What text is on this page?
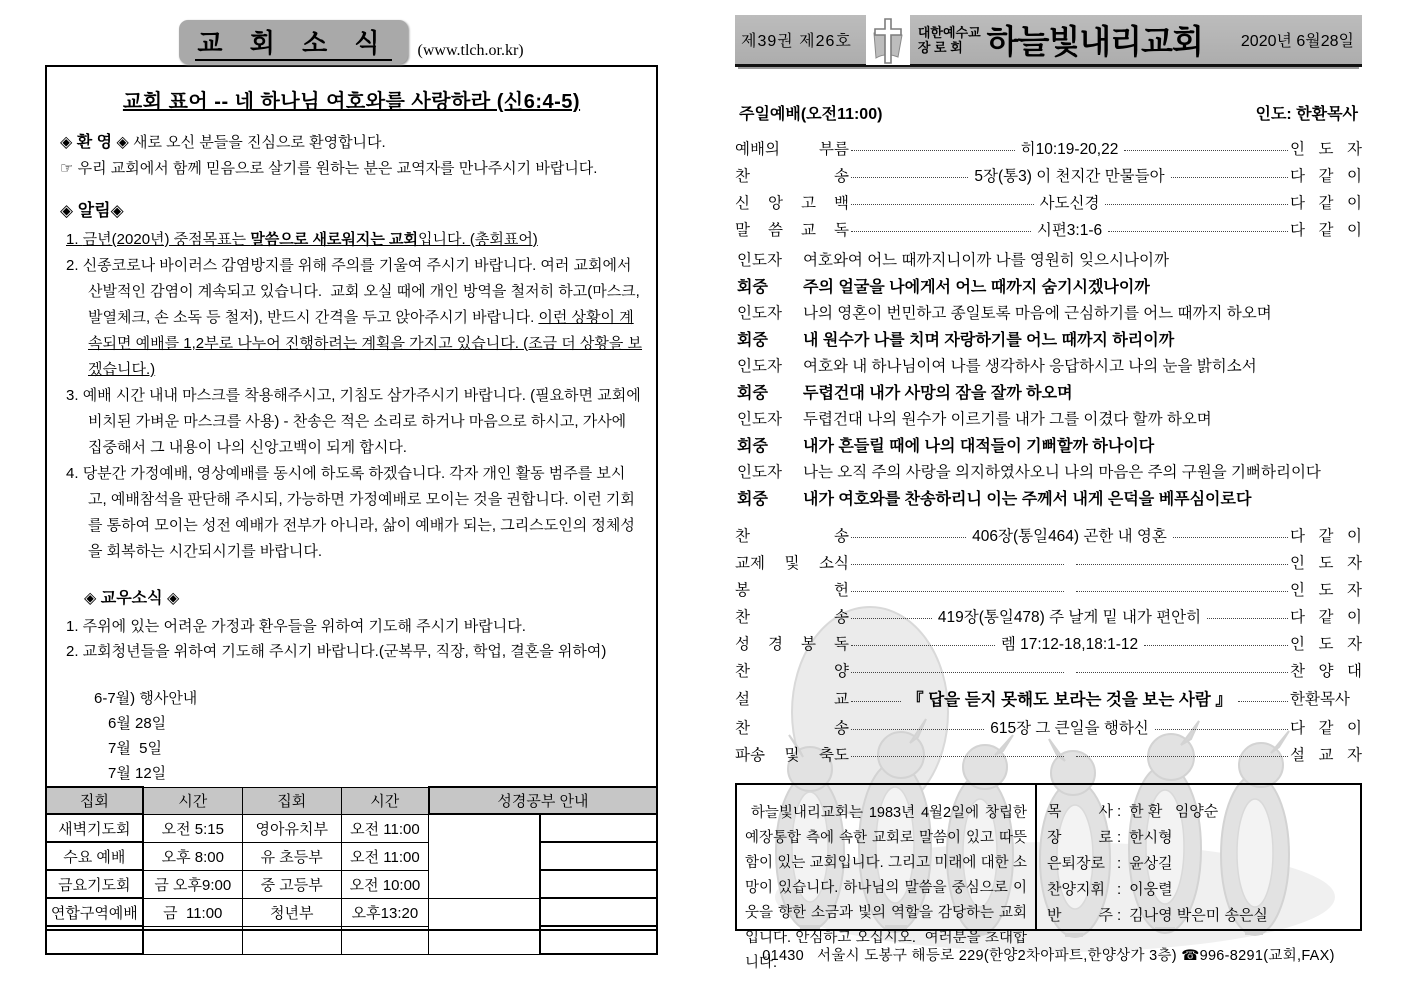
교 회 소 식	(www.tlch.or.kr)
교회 표어 -- 네 하나님 여호와를 사랑하라 (신6:4-5)
◈ 환 영 ◈ 새로 오신 분들을 진심으로 환영합니다.
☞ 우리 교회에서 함께 믿음으로 살기를 원하는 분은 교역자를 만나주시기 바랍니다.
◈ 알림◈
1. 금년(2020년) 중점목표는 말씀으로 새로워지는 교회입니다. (총회표어)
2. 신종코로나 바이러스 감염방지를 위해 주의를 기울여 주시기 바랍니다. 여러 교회에서 산발적인 감염이 계속되고 있습니다.  교회 오실 때에 개인 방역을 철저히 하고(마스크, 발열체크, 손 소독 등 철저), 반드시 간격을 두고 앉아주시기 바랍니다. 이런 상황이 계속되면 예배를 1,2부로 나누어 진행하려는 계획을 가지고 있습니다. (조금 더 상황을 보겠습니다.)
3. 예배 시간 내내 마스크를 착용해주시고, 기침도 삼가주시기 바랍니다. (필요하면 교회에 비치된 가벼운 마스크를 사용) - 찬송은 적은 소리로 하거나 마음으로 하시고, 가사에 집중해서 그 내용이 나의 신앙고백이 되게 합시다.
4. 당분간 가정예배, 영상예배를 동시에 하도록 하겠습니다. 각자 개인 활동 범주를 보시고, 예배참석을 판단해 주시되, 가능하면 가정예배로 모이는 것을 권합니다. 이런 기회를 통하여 모이는 성전 예배가 전부가 아니라, 삶이 예배가 되는, 그리스도인의 정체성을 회복하는 시간되시기를 바랍니다.
◈ 교우소식 ◈
1. 주위에 있는 어려운 가정과 환우들을 위하여 기도해 주시기 바랍니다.
2. 교회청년들을 위하여 기도해 주시기 바랍니다.(군복무, 직장, 학업, 결혼을 위하여)
6-7월) 행사안내
6월 28일
7월  5일
7월 12일
집회	시간	집회	시간	성경공부 안내	
새벽기도회	오전 5:15	영아유치부	오전 11:00		
수요 예배	오후 8:00	유 초등부	오전 11:00		
금요기도회	금 오후9:00	중 고등부	오전 10:00		
연합구역예배	금  11:00	청년부	오후13:20		

제39권 제26호
대한예수교
장 로 회 하늘빛내리교회 2020년 6월28일
주일예배(오전11:00)	인도: 한환목사
예배의 부름	히10:19-20,22	인 도 자
찬 송	5장(통3) 이 천지간 만물들아	다 같 이
신 앙 고 백	사도신경	다 같 이
말 씀 교 독	시편3:1-6	다 같 이
인도자	여호와여 어느 때까지니이까 나를 영원히 잊으시나이까
회중	주의 얼굴을 나에게서 어느 때까지 숨기시겠나이까
인도자	나의 영혼이 번민하고 종일토록 마음에 근심하기를 어느 때까지 하오며
회중	내 원수가 나를 치며 자랑하기를 어느 때까지 하리이까
인도자	여호와 내 하나님이여 나를 생각하사 응답하시고 나의 눈을 밝히소서
회중	두렵건대 내가 사망의 잠을 잘까 하오며
인도자	두렵건대 나의 원수가 이르기를 내가 그를 이겼다 할까 하오며
회중	내가 흔들릴 때에 나의 대적들이 기뻐할까 하나이다
인도자	나는 오직 주의 사랑을 의지하였사오니 나의 마음은 주의 구원을 기뻐하리이다
회중	내가 여호와를 찬송하리니 이는 주께서 내게 은덕을 베푸심이로다
찬 송	406장(통일464) 곤한 내 영혼	다 같 이
교제 및 소식	인 도 자
봉 헌	인 도 자
찬 송	419장(통일478) 주 날게 밑 내가 편안히	다 같 이
성 경 봉 독	렘 17:12-18,18:1-12	인 도 자
찬 양	찬 양 대
설 교	『 답을 듣지 못해도 보라는 것을 보는 사람 』	한환목사
찬 송	615장 그 큰일을 행하신	다 같 이
파송 및 축도	설 교 자
하늘빛내리교회는 1983년 4월2일에 창립한 예장통합 측에 속한 교회로 말씀이 있고 따뜻함이 있는 교회입니다. 그리고 미래에 대한 소망이 있습니다. 하나님의 말씀을 중심으로 이웃을 향한 소금과 빛의 역할을 감당하는 교회입니다. 안심하고 오십시오.  여러분을 초대합니다.
목 사 : 한 환   임양순
장 로 : 한시형
은퇴장로 : 윤상길
찬양지휘 : 이웅렬
반 주 : 김나영 박은미 송은실
01430   서울시 도봉구 해등로 229(한양2차아파트,한양상가 3층) ☎996-8291(교회,FAX)
